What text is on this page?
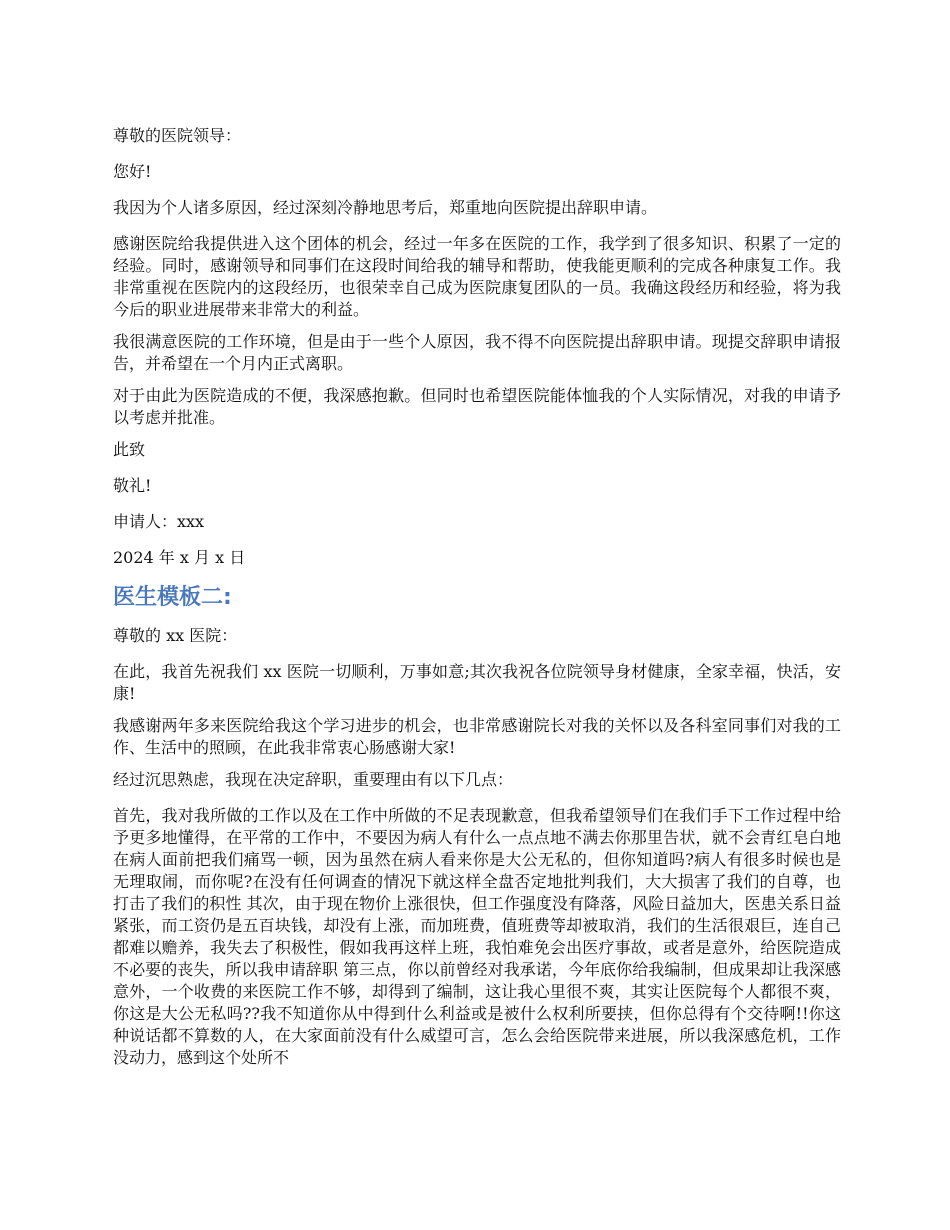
尊敬的医院领导：

您好!

我因为个人诸多原因，经过深刻冷静地思考后，郑重地向医院提出辞职申请。

感谢医院给我提供进入这个团体的机会，经过一年多在医院的工作，我学到了很多知识、积累了一定的经验。同时，感谢领导和同事们在这段时间给我的辅导和帮助，使我能更顺利的完成各种康复工作。我非常重视在医院内的这段经历，也很荣幸自己成为医院康复团队的一员。我确这段经历和经验，将为我今后的职业进展带来非常大的利益。

我很满意医院的工作环境，但是由于一些个人原因，我不得不向医院提出辞职申请。现提交辞职申请报告，并希望在一个月内正式离职。

对于由此为医院造成的不便，我深感抱歉。但同时也希望医院能体恤我的个人实际情况，对我的申请予以考虑并批准。

此致

敬礼!

申请人：xxx

2024 年 x 月 x 日

医生模板二:

尊敬的 xx 医院：

在此，我首先祝我们 xx 医院一切顺利，万事如意;其次我祝各位院领导身材健康，全家幸福，快活，安康!

我感谢两年多来医院给我这个学习进步的机会，也非常感谢院长对我的关怀以及各科室同事们对我的工作、生活中的照顾，在此我非常衷心肠感谢大家!

经过沉思熟虑，我现在决定辞职，重要理由有以下几点：

首先，我对我所做的工作以及在工作中所做的不足表现歉意，但我希望领导们在我们手下工作过程中给予更多地懂得，在平常的工作中，不要因为病人有什么一点点地不满去你那里告状，就不会青红皂白地在病人面前把我们痛骂一顿，因为虽然在病人看来你是大公无私的，但你知道吗?病人有很多时候也是无理取闹，而你呢?在没有任何调查的情况下就这样全盘否定地批判我们，大大损害了我们的自尊，也打击了我们的积性 其次，由于现在物价上涨很快，但工作强度没有降落，风险日益加大，医患关系日益紧张，而工资仍是五百块钱，却没有上涨，而加班费，值班费等却被取消，我们的生活很艰巨，连自己都难以赡养，我失去了积极性，假如我再这样上班，我怕难免会出医疗事故，或者是意外，给医院造成不必要的丧失，所以我申请辞职 第三点，你以前曾经对我承诺，今年底你给我编制，但成果却让我深感意外，一个收费的来医院工作不够，却得到了编制，这让我心里很不爽，其实让医院每个人都很不爽，你这是大公无私吗??我不知道你从中得到什么利益或是被什么权利所要挟，但你总得有个交待啊!!你这种说话都不算数的人，在大家面前没有什么威望可言，怎么会给医院带来进展，所以我深感危机，工作没动力，感到这个处所不
